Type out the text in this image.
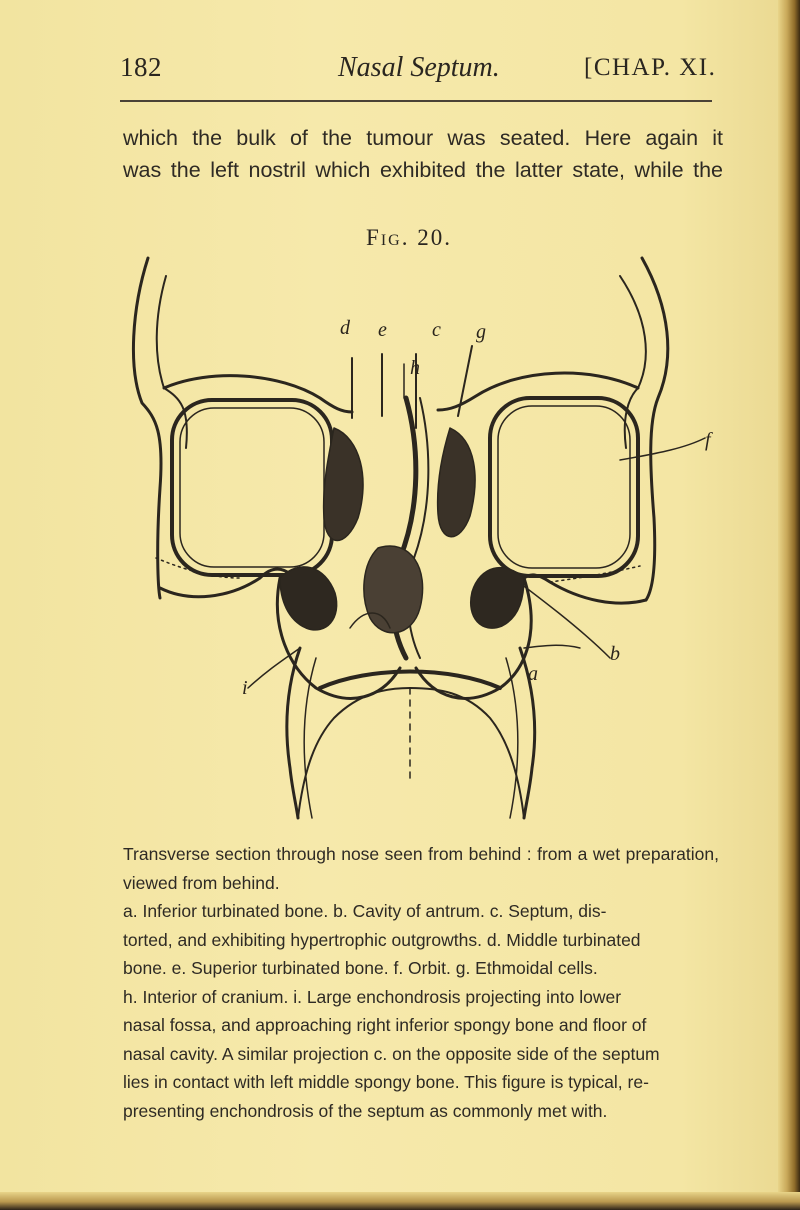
182	Nasal Septum.	[CHAP. XI.

which the bulk of the tumour was seated. Here again it

was the left nostril which exhibited the latter state, while the

Fig. 20.
d e c g
h
f
b
a
i

Transverse section through nose seen from behind : from a wet preparation, viewed from behind.

a. Inferior turbinated bone. b. Cavity of antrum. c. Septum, dis-

torted, and exhibiting hypertrophic outgrowths. d. Middle turbinated

bone. e. Superior turbinated bone. f. Orbit. g. Ethmoidal cells.

h. Interior of cranium. i. Large enchondrosis projecting into lower

nasal fossa, and approaching right inferior spongy bone and floor of

nasal cavity. A similar projection c. on the opposite side of the septum

lies in contact with left middle spongy bone. This figure is typical, re-

presenting enchondrosis of the septum as commonly met with.
